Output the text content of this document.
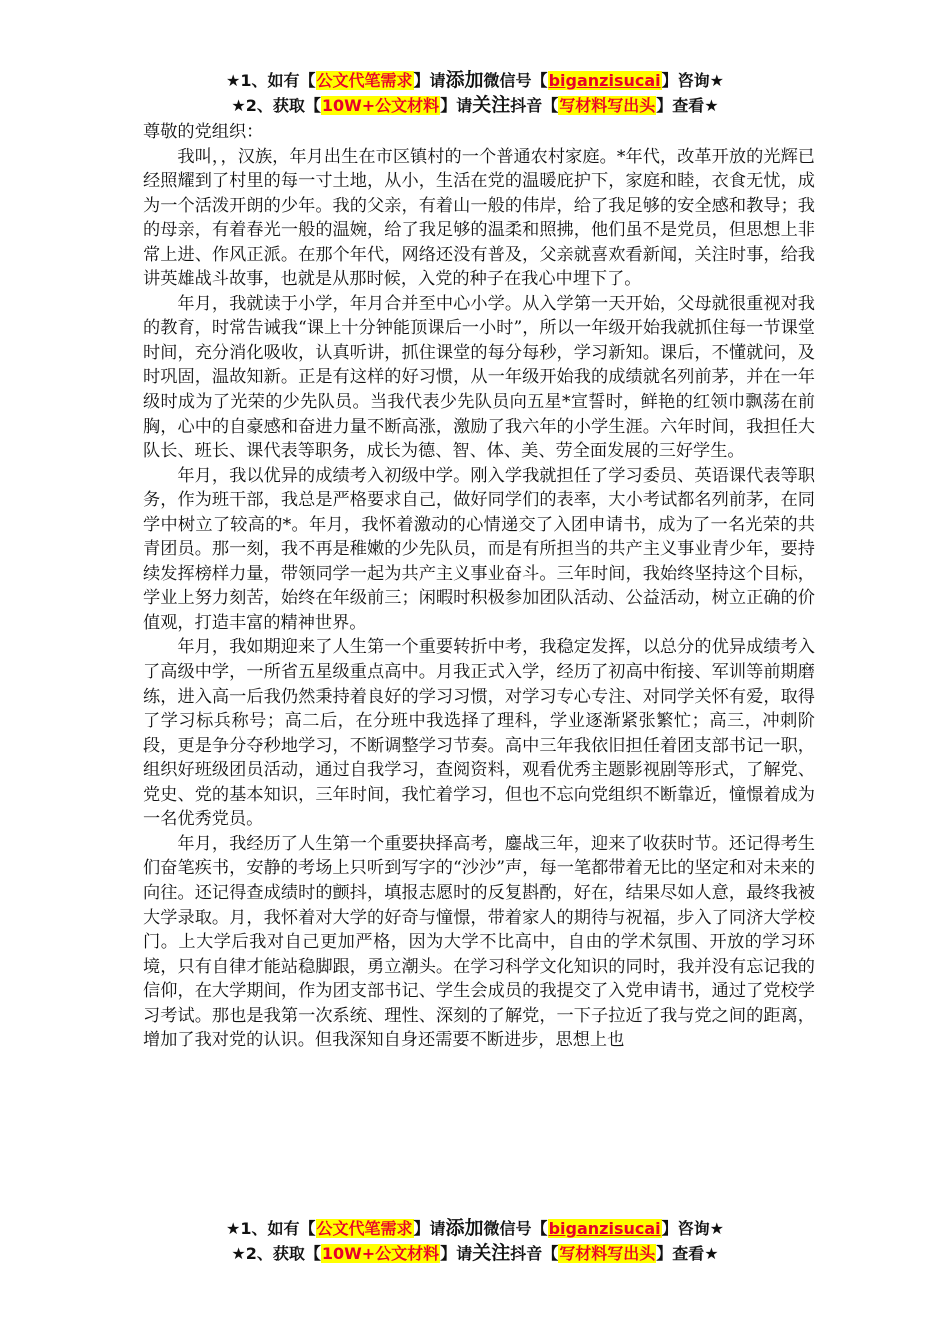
★1、如有【公文代笔需求】请添加微信号【biganzisucai】咨询★
★2、获取【10W+公文材料】请关注抖音【写材料写出头】查看★

尊敬的党组织：

我叫，，汉族，年月出生在市区镇村的一个普通农村家庭。*年代，改革开放的光辉已经照耀到了村里的每一寸土地，从小，生活在党的温暖庇护下，家庭和睦，衣食无忧，成为一个活泼开朗的少年。我的父亲，有着山一般的伟岸，给了我足够的安全感和教导；我的母亲，有着春光一般的温婉，给了我足够的温柔和照拂，他们虽不是党员，但思想上非常上进、作风正派。在那个年代，网络还没有普及，父亲就喜欢看新闻，关注时事，给我讲英雄战斗故事，也就是从那时候，入党的种子在我心中埋下了。

年月，我就读于小学，年月合并至中心小学。从入学第一天开始，父母就很重视对我的教育，时常告诫我“课上十分钟能顶课后一小时”，所以一年级开始我就抓住每一节课堂时间，充分消化吸收，认真听讲，抓住课堂的每分每秒，学习新知。课后，不懂就问，及时巩固，温故知新。正是有这样的好习惯，从一年级开始我的成绩就名列前茅，并在一年级时成为了光荣的少先队员。当我代表少先队员向五星*宣誓时，鲜艳的红领巾飘荡在前胸，心中的自豪感和奋进力量不断高涨，激励了我六年的小学生涯。六年时间，我担任大队长、班长、课代表等职务，成长为德、智、体、美、劳全面发展的三好学生。

年月，我以优异的成绩考入初级中学。刚入学我就担任了学习委员、英语课代表等职务，作为班干部，我总是严格要求自己，做好同学们的表率，大小考试都名列前茅，在同学中树立了较高的*。年月，我怀着激动的心情递交了入团申请书，成为了一名光荣的共青团员。那一刻，我不再是稚嫩的少先队员，而是有所担当的共产主义事业青少年，要持续发挥榜样力量，带领同学一起为共产主义事业奋斗。三年时间，我始终坚持这个目标，学业上努力刻苦，始终在年级前三；闲暇时积极参加团队活动、公益活动，树立正确的价值观，打造丰富的精神世界。

年月，我如期迎来了人生第一个重要转折中考，我稳定发挥，以总分的优异成绩考入了高级中学，一所省五星级重点高中。月我正式入学，经历了初高中衔接、军训等前期磨练，进入高一后我仍然秉持着良好的学习习惯，对学习专心专注、对同学关怀有爱，取得了学习标兵称号；高二后，在分班中我选择了理科，学业逐渐紧张繁忙；高三，冲刺阶段，更是争分夺秒地学习，不断调整学习节奏。高中三年我依旧担任着团支部书记一职，组织好班级团员活动，通过自我学习，查阅资料，观看优秀主题影视剧等形式，了解党、党史、党的基本知识，三年时间，我忙着学习，但也不忘向党组织不断靠近，憧憬着成为一名优秀党员。

年月，我经历了人生第一个重要抉择高考，鏖战三年，迎来了收获时节。还记得考生们奋笔疾书，安静的考场上只听到写字的“沙沙”声，每一笔都带着无比的坚定和对未来的向往。还记得查成绩时的颤抖，填报志愿时的反复斟酌，好在，结果尽如人意，最终我被大学录取。月，我怀着对大学的好奇与憧憬，带着家人的期待与祝福，步入了同济大学校门。上大学后我对自己更加严格，因为大学不比高中，自由的学术氛围、开放的学习环境，只有自律才能站稳脚跟，勇立潮头。在学习科学文化知识的同时，我并没有忘记我的信仰，在大学期间，作为团支部书记、学生会成员的我提交了入党申请书，通过了党校学习考试。那也是我第一次系统、理性、深刻的了解党，一下子拉近了我与党之间的距离，增加了我对党的认识。但我深知自身还需要不断进步，思想上也

★1、如有【公文代笔需求】请添加微信号【biganzisucai】咨询★
★2、获取【10W+公文材料】请关注抖音【写材料写出头】查看★
